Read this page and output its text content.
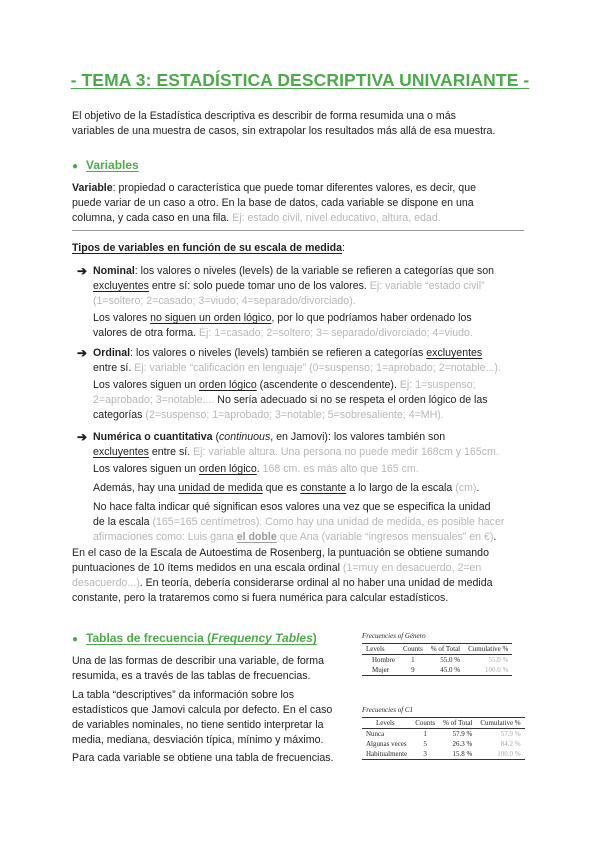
- TEMA 3: ESTADÍSTICA DESCRIPTIVA UNIVARIANTE -
El objetivo de la Estadística descriptiva es describir de forma resumida una o más
variables de una muestra de casos, sin extrapolar los resultados más allá de esa muestra.
● Variables
Variable: propiedad o característica que puede tomar diferentes valores, es decir, que
puede variar de un caso a otro. En la base de datos, cada variable se dispone en una
columna, y cada caso en una fila. Ej: estado civil, nivel educativo, altura, edad.
Tipos de variables en función de su escala de medida:
➔ Nominal: los valores o niveles (levels) de la variable se refieren a categorías que son
excluyentes entre sí: solo puede tomar uno de los valores. Ej: variable “estado civil”
(1=soltero; 2=casado; 3=viudo; 4=separado/divorciado).
Los valores no siguen un orden lógico, por lo que podríamos haber ordenado los
valores de otra forma. Ej: 1=casado; 2=soltero; 3= separado/divorciado; 4=viudo.
➔ Ordinal: los valores o niveles (levels) también se refieren a categorías excluyentes
entre sí. Ej: variable “calificación en lenguaje” (0=suspenso; 1=aprobado; 2=notable...).
Los valores siguen un orden lógico (ascendente o descendente). Ej: 1=suspenso;
2=aprobado; 3=notable.... No sería adecuado si no se respeta el orden lógico de las
categorías (2=suspenso; 1=aprobado; 3=notable; 5=sobresaliente; 4=MH).
➔ Numérica o cuantitativa (continuous, en Jamovi): los valores también son
excluyentes entre sí. Ej: variable altura. Una persona no puede medir 168cm y 165cm.
Los valores siguen un orden lógico. 168 cm. es más alto que 165 cm.
Además, hay una unidad de medida que es constante a lo largo de la escala (cm).
No hace falta indicar qué significan esos valores una vez que se especifica la unidad
de la escala (165=165 centímetros). Como hay una unidad de medida, es posible hacer
afirmaciones como: Luis gana el doble que Ana (variable “ingresos mensuales” en €).
En el caso de la Escala de Autoestima de Rosenberg, la puntuación se obtiene sumando
puntuaciones de 10 ítems medidos en una escala ordinal (1=muy en desacuerdo, 2=en
desacuerdo...). En teoría, debería considerarse ordinal al no haber una unidad de medida
constante, pero la trataremos como si fuera numérica para calcular estadísticos.
● Tablas de frecuencia (Frequency Tables)
Una de las formas de describir una variable, de forma
resumida, es a través de las tablas de frecuencias.
La tabla “descriptives” da información sobre los
estadísticos que Jamovi calcula por defecto. En el caso
de variables nominales, no tiene sentido interpretar la
media, mediana, desviación típica, mínimo y máximo.
Para cada variable se obtiene una tabla de frecuencias.
Frecuencies of Género
Levels	Counts	% of Total	Cumulative %
Hombre	1	55.0 %	55.0 %
Mujer	9	45.0 %	100.0 %
Frecuencies of C1
Levels	Counts	% of Total	Cumulative %
Nunca	1	57.9 %	57.9 %
Algunas veces	5	26.3 %	84.2 %
Habitualmente	3	15.8 %	100.0 %
